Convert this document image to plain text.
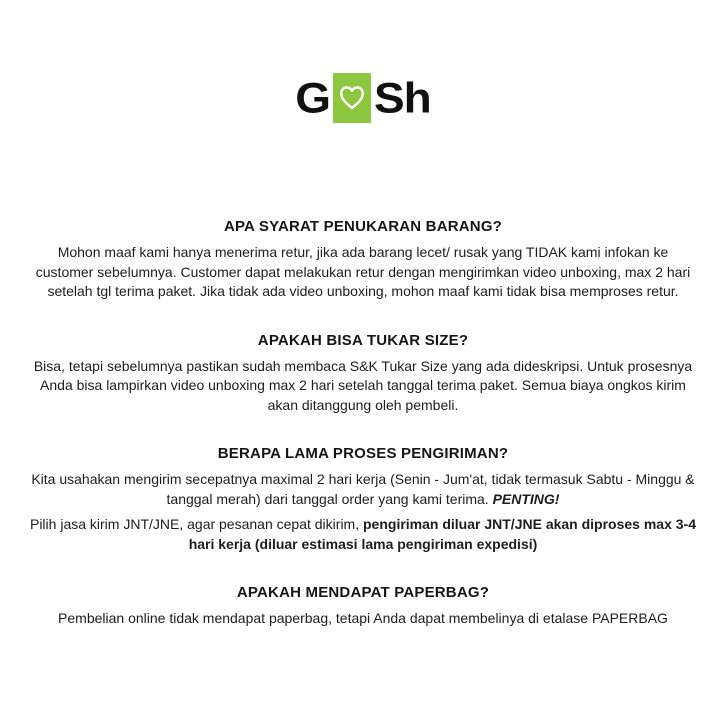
G Sh
APA SYARAT PENUKARAN BARANG?

Mohon maaf kami hanya menerima retur, jika ada barang lecet/ rusak yang TIDAK kami infokan ke customer sebelumnya. Customer dapat melakukan retur dengan mengirimkan video unboxing, max 2 hari setelah tgl terima paket. Jika tidak ada video unboxing, mohon maaf kami tidak bisa memproses retur.

APAKAH BISA TUKAR SIZE?

Bisa, tetapi sebelumnya pastikan sudah membaca S&K Tukar Size yang ada dideskripsi. Untuk prosesnya Anda bisa lampirkan video unboxing max 2 hari setelah tanggal terima paket. Semua biaya ongkos kirim akan ditanggung oleh pembeli.

BERAPA LAMA PROSES PENGIRIMAN?

Kita usahakan mengirim secepatnya maximal 2 hari kerja (Senin - Jum'at, tidak termasuk Sabtu - Minggu & tanggal merah) dari tanggal order yang kami terima. PENTING!

Pilih jasa kirim JNT/JNE, agar pesanan cepat dikirim, pengiriman diluar JNT/JNE akan diproses max 3-4 hari kerja (diluar estimasi lama pengiriman expedisi)

APAKAH MENDAPAT PAPERBAG?

Pembelian online tidak mendapat paperbag, tetapi Anda dapat membelinya di etalase PAPERBAG
